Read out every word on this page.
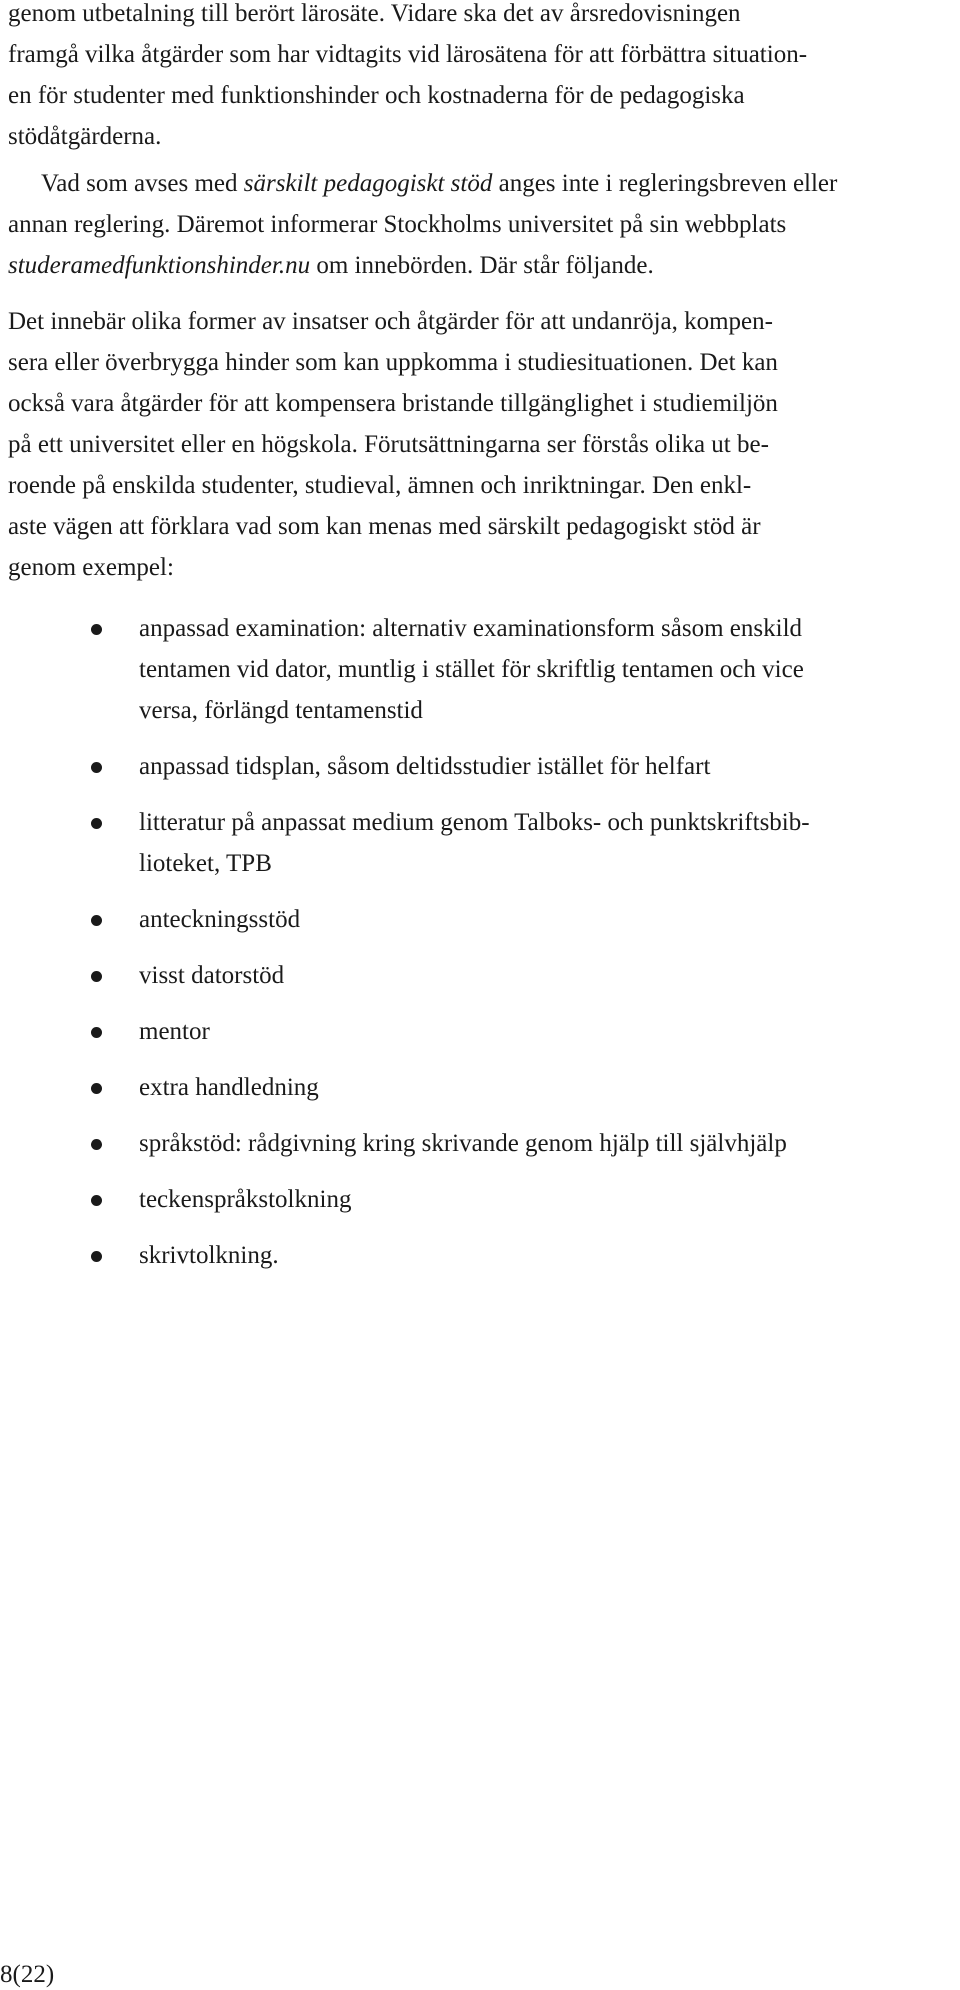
genom utbetalning till berört lärosäte. Vidare ska det av årsredovisningen
framgå vilka åtgärder som har vidtagits vid lärosätena för att förbättra situation-
en för studenter med funktionshinder och kostnaderna för de pedagogiska
stödåtgärderna.

Vad som avses med särskilt pedagogiskt stöd anges inte i regleringsbreven eller
annan reglering. Däremot informerar Stockholms universitet på sin webbplats
studeramedfunktionshinder.nu om innebörden. Där står följande.

Det innebär olika former av insatser och åtgärder för att undanröja, kompen-
sera eller överbrygga hinder som kan uppkomma i studiesituationen. Det kan
också vara åtgärder för att kompensera bristande tillgänglighet i studiemiljön
på ett universitet eller en högskola. Förutsättningarna ser förstås olika ut be-
roende på enskilda studenter, studieval, ämnen och inriktningar. Den enkl-
aste vägen att förklara vad som kan menas med särskilt pedagogiskt stöd är
genom exempel:

anpassad examination: alternativ examinationsform såsom enskild
tentamen vid dator, muntlig i stället för skriftlig tentamen och vice
versa, förlängd tentamenstid
anpassad tidsplan, såsom deltidsstudier istället för helfart
litteratur på anpassat medium genom Talboks- och punktskriftsbib-
lioteket, TPB
anteckningsstöd
visst datorstöd
mentor
extra handledning
språkstöd: rådgivning kring skrivande genom hjälp till självhjälp
teckenspråkstolkning
skrivtolkning.
8(22)
